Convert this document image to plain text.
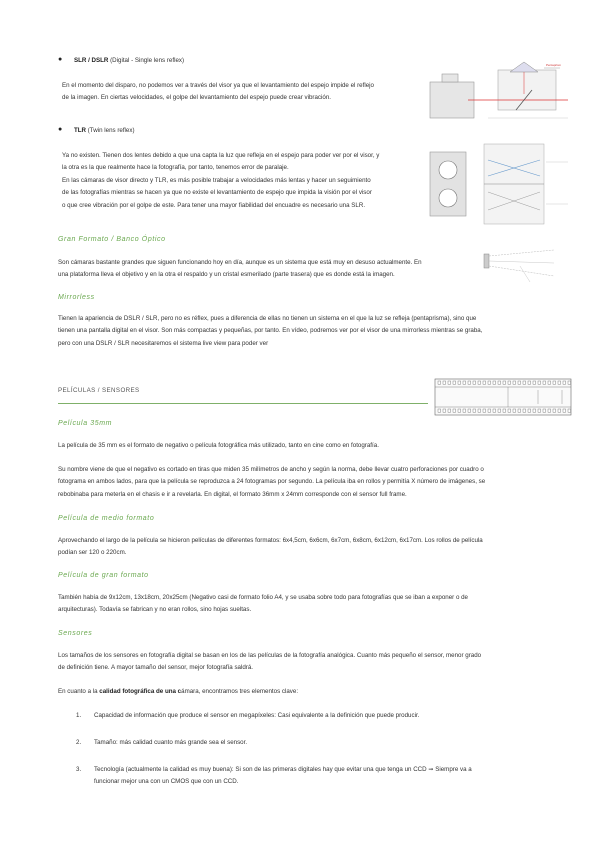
● SLR / DSLR (Digital - Single lens reflex)
En el momento del disparo, no podemos ver a través del visor ya que el levantamiento del espejo impide el reflejo
de la imagen. En ciertas velocidades, el golpe del levantamiento del espejo puede crear vibración.
Pentaprism
● TLR (Twin lens reflex)
Ya no existen. Tienen dos lentes debido a que una capta la luz que refleja en el espejo para poder ver por el visor, y
la otra es la que realmente hace la fotografía, por tanto, tenemos error de paralaje.
En las cámaras de visor directo y TLR, es más posible trabajar a velocidades más lentas y hacer un seguimiento
de las fotografías mientras se hacen ya que no existe el levantamiento de espejo que impida la visión por el visor
o que cree vibración por el golpe de este. Para tener una mayor fiabilidad del encuadre es necesario una SLR.
Gran Formato / Banco Óptico
Son cámaras bastante grandes que siguen funcionando hoy en día, aunque es un sistema que está muy en desuso actualmente. En
una plataforma lleva el objetivo y en la otra el respaldo y un cristal esmerilado (parte trasera) que es donde está la imagen.
Mirrorless
Tienen la apariencia de DSLR / SLR, pero no es réflex, pues a diferencia de ellas no tienen un sistema en el que la luz se refleja (pentaprisma), sino que
tienen una pantalla digital en el visor. Son más compactas y pequeñas, por tanto. En vídeo, podremos ver por el visor de una mirrorless mientras se graba,
pero con una DSLR / SLR necesitaremos el sistema live view para poder ver
PELÍCULAS / SENSORES
Película 35mm
La película de 35 mm es el formato de negativo o película fotográfica más utilizado, tanto en cine como en fotografía.
Su nombre viene de que el negativo es cortado en tiras que miden 35 milímetros de ancho y según la norma, debe llevar cuatro perforaciones por cuadro o
fotograma en ambos lados, para que la película se reproduzca a 24 fotogramas por segundo. La película iba en rollos y permitía X número de imágenes, se
rebobinaba para meterla en el chasis e ir a revelarla. En digital, el formato 36mm x 24mm corresponde con el sensor full frame.
Película de medio formato
Aprovechando el largo de la película se hicieron películas de diferentes formatos: 6x4,5cm, 6x6cm, 6x7cm, 6x8cm, 6x12cm, 6x17cm. Los rollos de película
podían ser 120 o 220cm.
Película de gran formato
También había de 9x12cm, 13x18cm, 20x25cm (Negativo casi de formato folio A4, y se usaba sobre todo para fotografías que se iban a exponer o de
arquitecturas). Todavía se fabrican y no eran rollos, sino hojas sueltas.
Sensores
Los tamaños de los sensores en fotografía digital se basan en los de las películas de la fotografía analógica. Cuanto más pequeño el sensor, menor grado
de definición tiene. A mayor tamaño del sensor, mejor fotografía saldrá.
En cuanto a la calidad fotográfica de una cámara, encontramos tres elementos clave:
1. Capacidad de información que produce el sensor en megapíxeles: Casi equivalente a la definición que puede producir.
2. Tamaño: más calidad cuanto más grande sea el sensor.
3. Tecnología (actualmente la calidad es muy buena): Si son de las primeras digitales hay que evitar una que tenga un CCD ➞ Siempre va a
funcionar mejor una con un CMOS que con un CCD.
